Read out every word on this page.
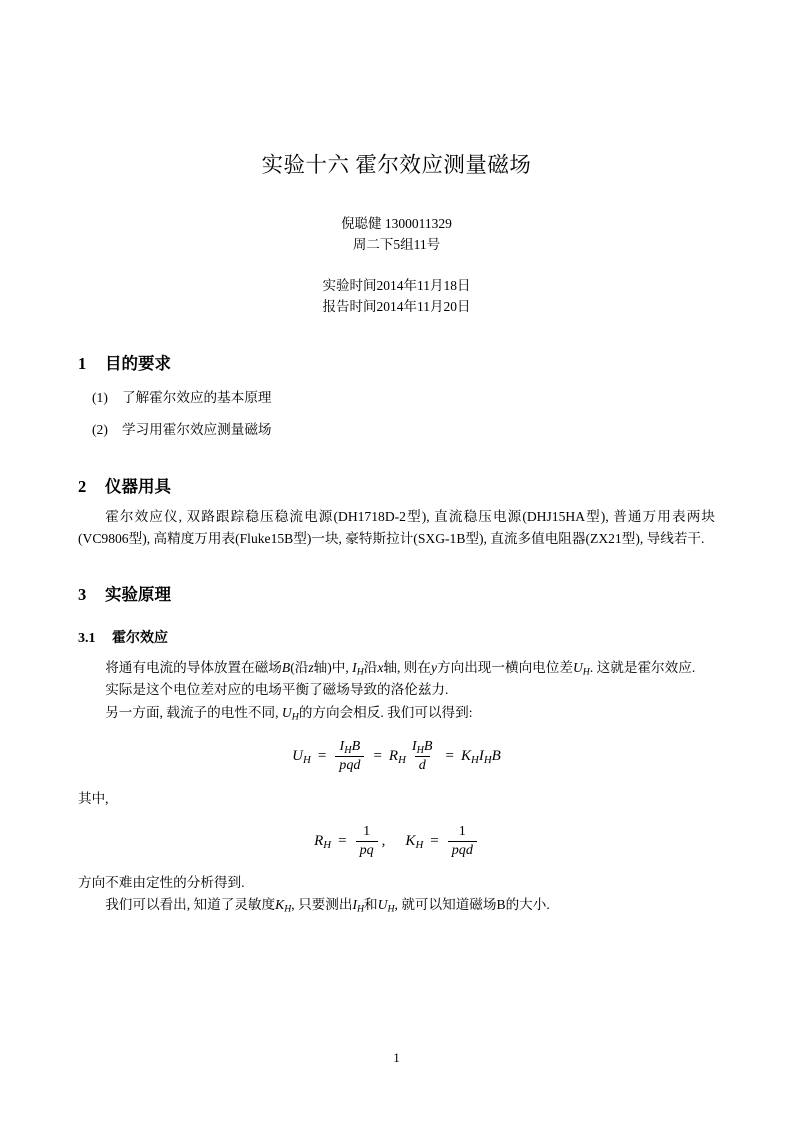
实验十六 霍尔效应测量磁场
倪聪健 1300011329
周二下5组11号
实验时间2014年11月18日
报告时间2014年11月20日
1 目的要求
(1) 了解霍尔效应的基本原理
(2) 学习用霍尔效应测量磁场
2 仪器用具

霍尔效应仪, 双路跟踪稳压稳流电源(DH1718D-2型), 直流稳压电源(DHJ15HA型), 普通万用表两块(VC9806型), 高精度万用表(Fluke15B型)一块, 豪特斯拉计(SXG-1B型), 直流多值电阻器(ZX21型), 导线若干.

3 实验原理
3.1 霍尔效应

将通有电流的导体放置在磁场B(沿z轴)中, $I_H$沿x轴, 则在y方向出现一横向电位差$U_H$. 这就是霍尔效应.

实际是这个电位差对应的电场平衡了磁场导致的洛伦兹力.

另一方面, 载流子的电性不同, $U_H$的方向会相反. 我们可以得到:

$U_H = \frac{I_HB}{\text{pqd}} = R_H \frac{I_HB}{d} = K_HI_HB$

其中,

$R_H = \frac{1}{pq}$ , $K_H = \frac{1}{\text{pqd}}$

方向不难由定性的分析得到.

我们可以看出, 知道了灵敏度$K_H$, 只要测出$I_H$和$U_H$, 就可以知道磁场B的大小.

1
